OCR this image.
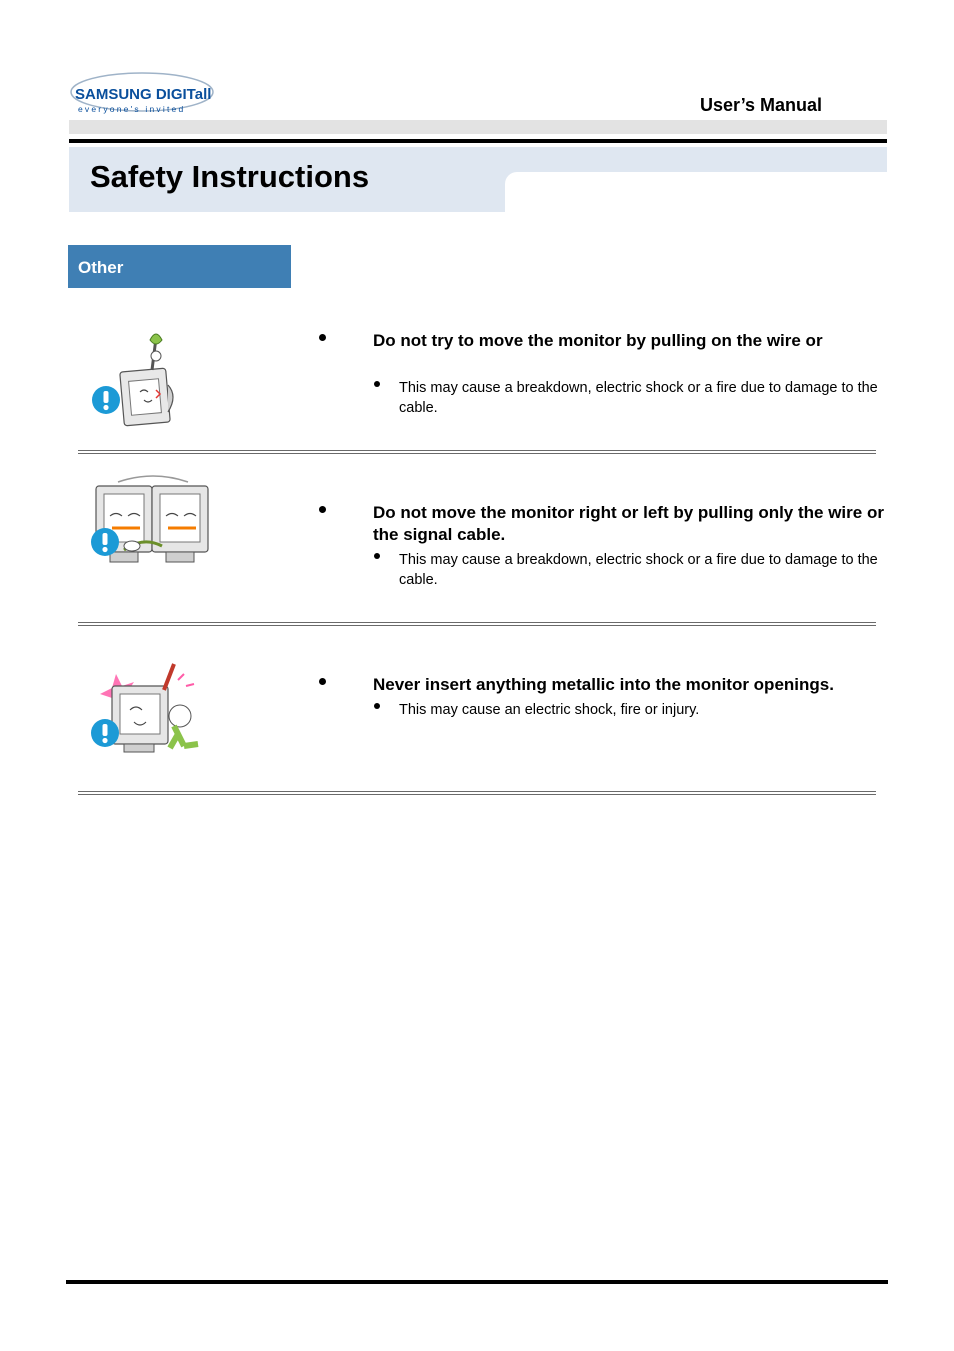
SAMSUNG DIGITall
everyone's invited	User’s Manual
Safety Instructions
Other
Do not try to move the monitor by pulling on the wire or
This may cause a breakdown, electric shock or a fire due to damage to the cable.
Do not move the monitor right or left by pulling only the wire or the signal cable.
This may cause a breakdown, electric shock or a fire due to damage to the cable.
Never insert anything metallic into the monitor openings.
This may cause an electric shock, fire or injury.
